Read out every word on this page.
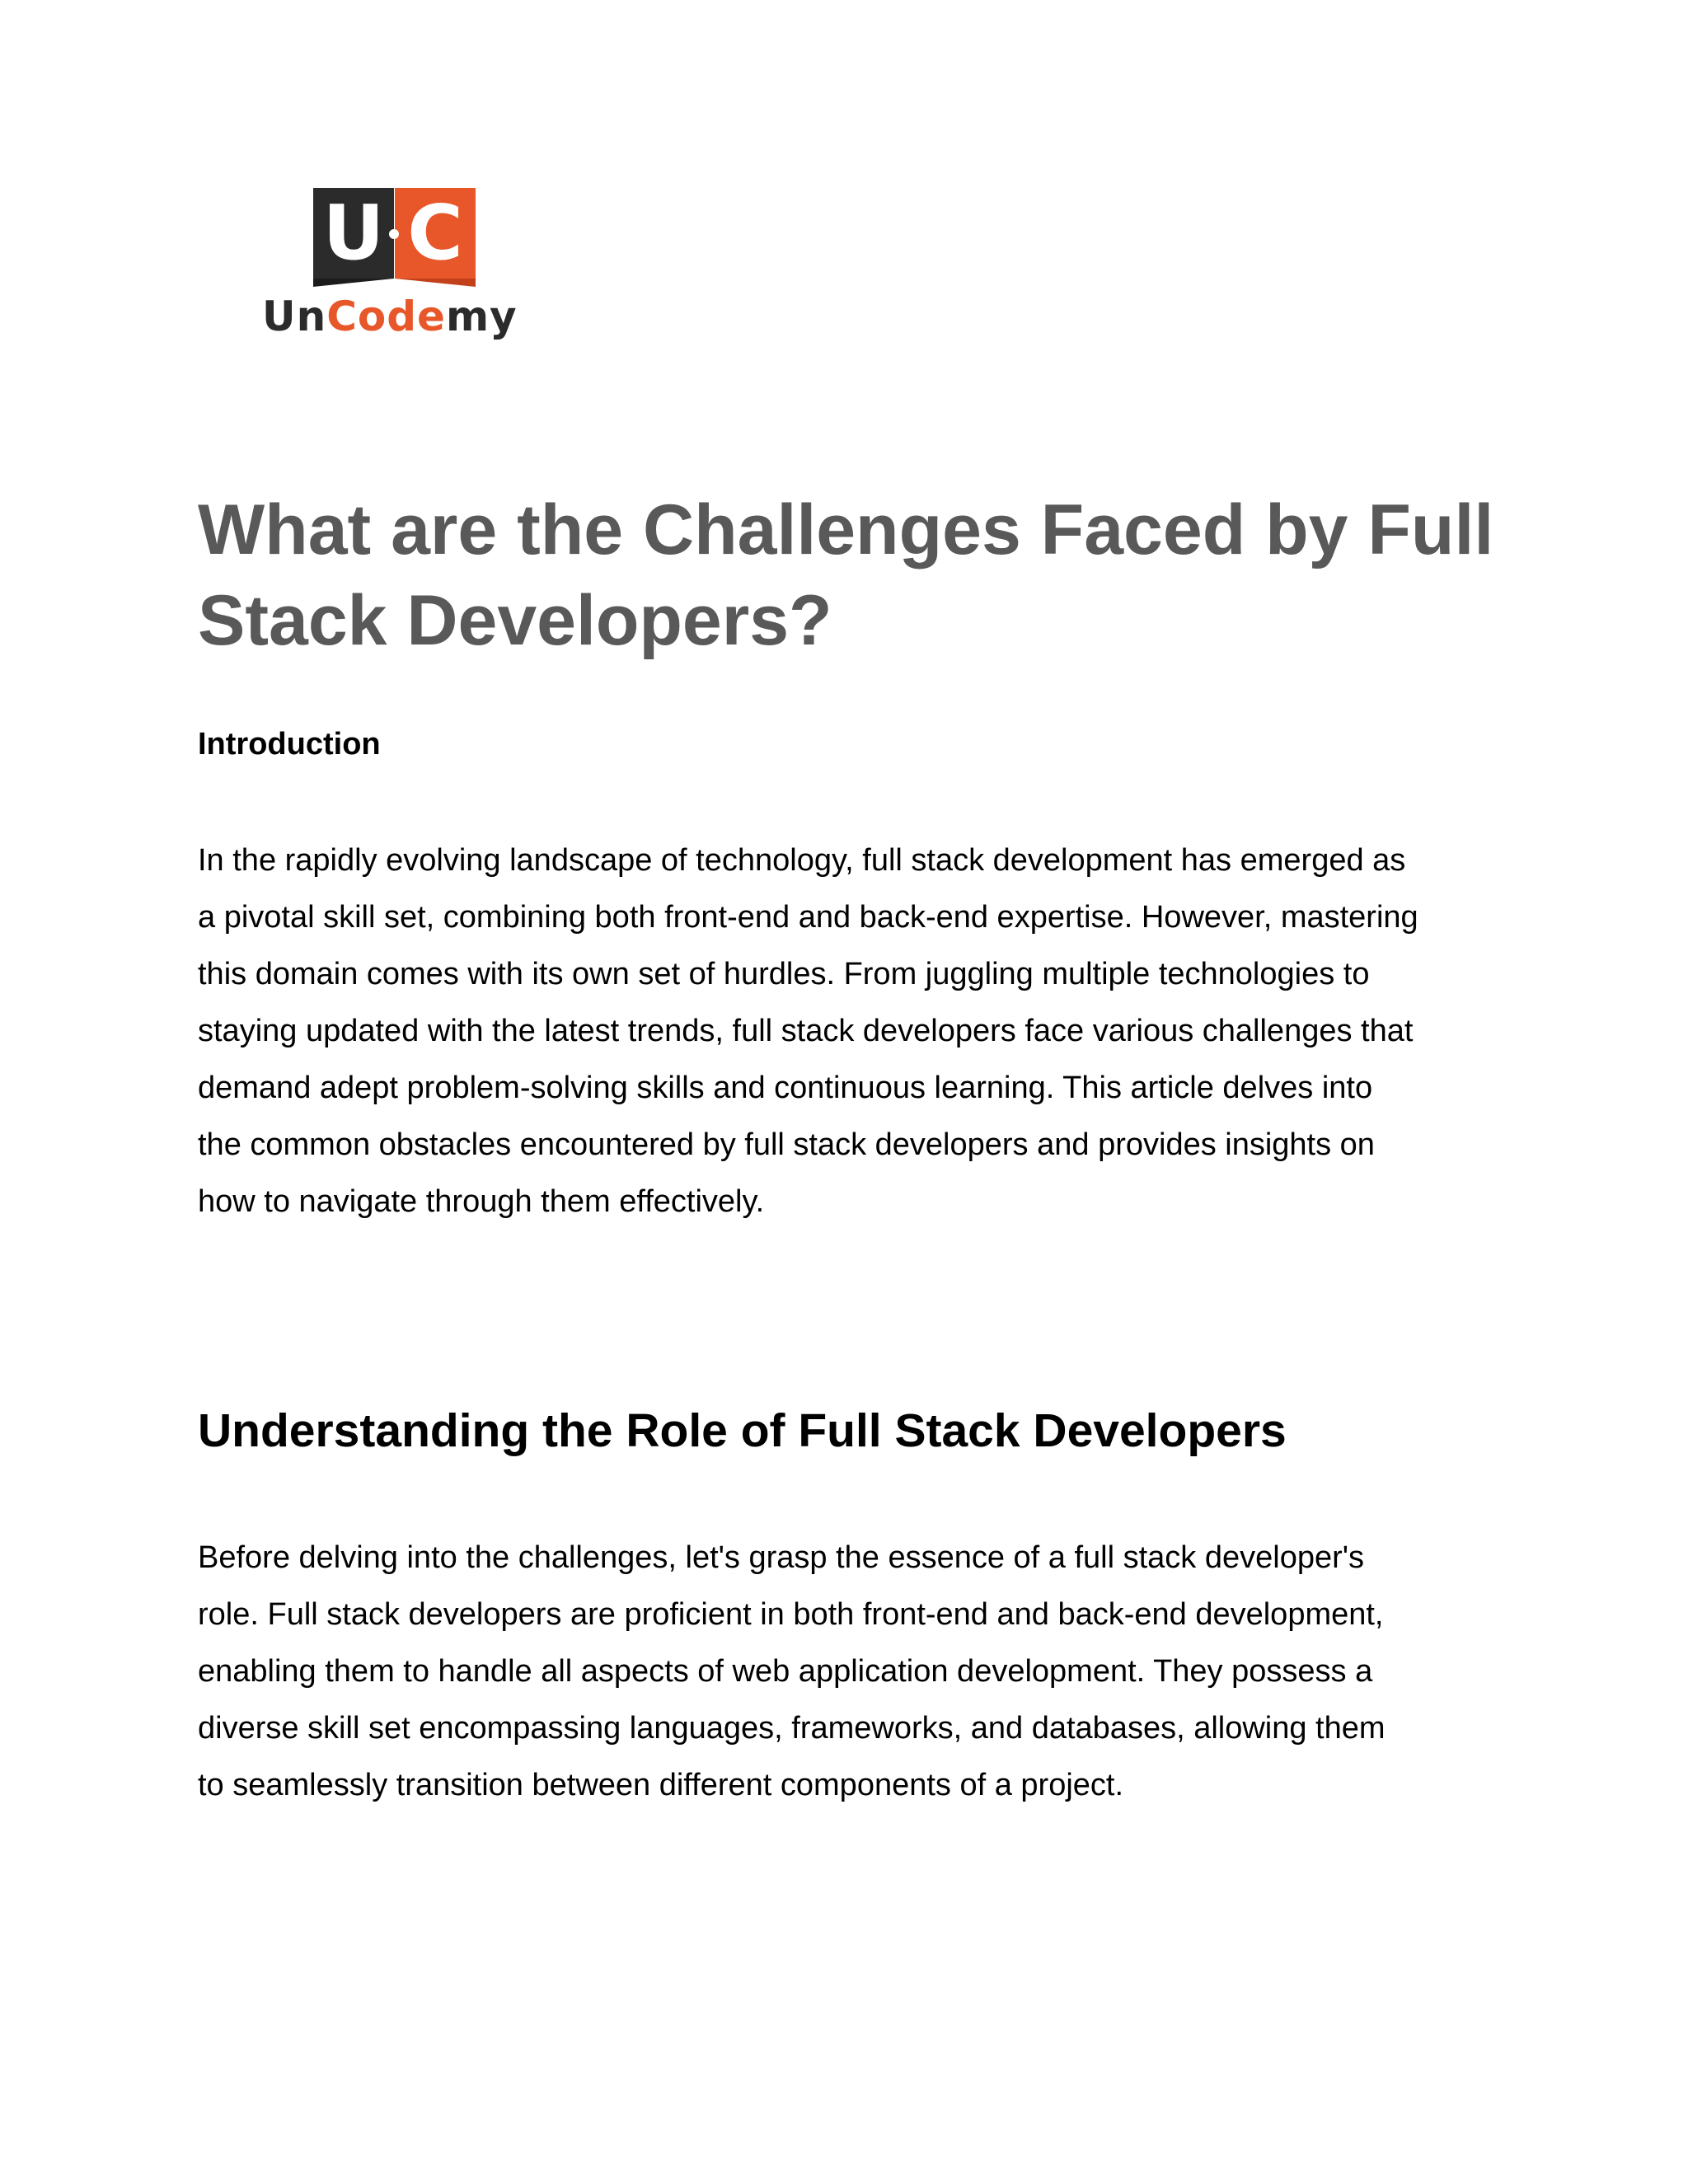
U C
UnCodemy
What are the Challenges Faced by Full
Stack Developers?
Introduction

In the rapidly evolving landscape of technology, full stack development has emerged as
a pivotal skill set, combining both front-end and back-end expertise. However, mastering
this domain comes with its own set of hurdles. From juggling multiple technologies to
staying updated with the latest trends, full stack developers face various challenges that
demand adept problem-solving skills and continuous learning. This article delves into
the common obstacles encountered by full stack developers and provides insights on
how to navigate through them effectively.

Understanding the Role of Full Stack Developers

Before delving into the challenges, let's grasp the essence of a full stack developer's
role. Full stack developers are proficient in both front-end and back-end development,
enabling them to handle all aspects of web application development. They possess a
diverse skill set encompassing languages, frameworks, and databases, allowing them
to seamlessly transition between different components of a project.
